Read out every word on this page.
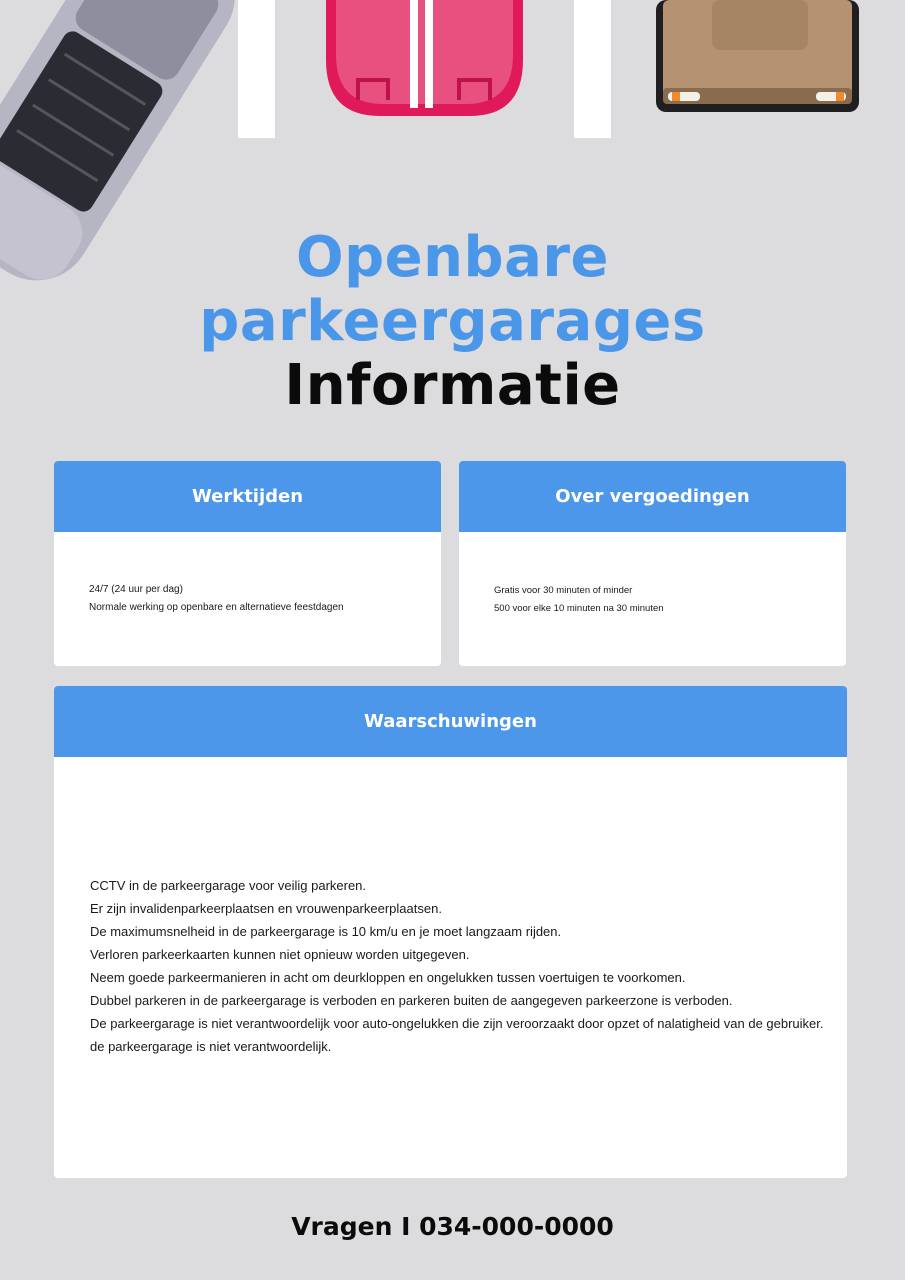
Openbare

parkeergarages

Informatie

Werktijden

24/7 (24 uur per dag)

Normale werking op openbare en alternatieve feestdagen

Over vergoedingen

Gratis voor 30 minuten of minder

500 voor elke 10 minuten na 30 minuten

Waarschuwingen

CCTV in de parkeergarage voor veilig parkeren.

Er zijn invalidenparkeerplaatsen en vrouwenparkeerplaatsen.

De maximumsnelheid in de parkeergarage is 10 km/u en je moet langzaam rijden.

Verloren parkeerkaarten kunnen niet opnieuw worden uitgegeven.

Neem goede parkeermanieren in acht om deurkloppen en ongelukken tussen voertuigen te voorkomen.

Dubbel parkeren in de parkeergarage is verboden en parkeren buiten de aangegeven parkeerzone is verboden.

De parkeergarage is niet verantwoordelijk voor auto-ongelukken die zijn veroorzaakt door opzet of nalatigheid van de gebruiker.

de parkeergarage is niet verantwoordelijk.

Vragen I 034-000-0000
